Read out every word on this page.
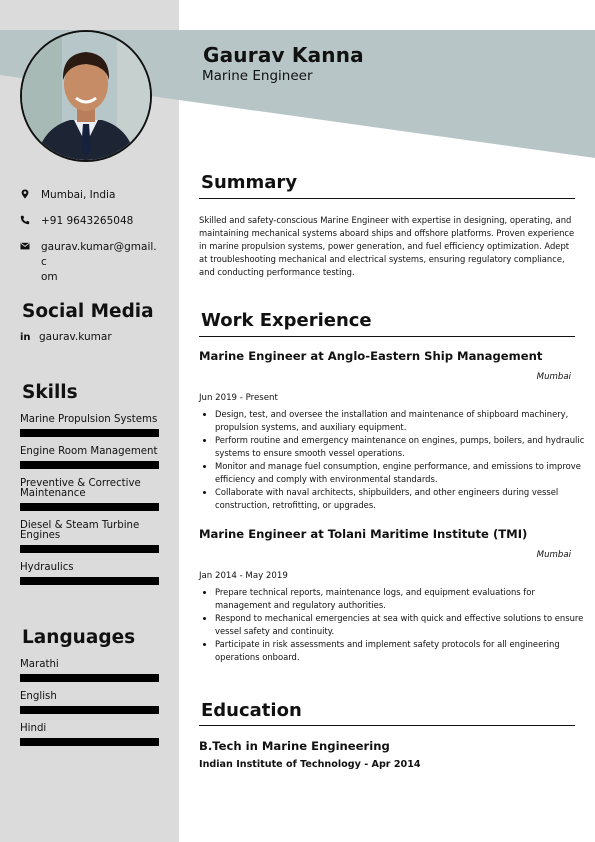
Gaurav Kanna
Marine Engineer
Mumbai, India
+91 9643265048
gaurav.kumar@gmail.c
om
Social Media
in gaurav.kumar
Skills
Marine Propulsion Systems
Engine Room Management
Preventive & Corrective
Maintenance
Diesel & Steam Turbine
Engines
Hydraulics
Languages
Marathi
English
Hindi
Summary
Skilled and safety-conscious Marine Engineer with expertise in designing, operating, and maintaining mechanical systems aboard ships and offshore platforms. Proven experience in marine propulsion systems, power generation, and fuel efficiency optimization. Adept at troubleshooting mechanical and electrical systems, ensuring regulatory compliance, and conducting performance testing.
Work Experience
Marine Engineer at Anglo-Eastern Ship Management
Mumbai
Jun 2019 - Present
• Design, test, and oversee the installation and maintenance of shipboard machinery, propulsion systems, and auxiliary equipment.
• Perform routine and emergency maintenance on engines, pumps, boilers, and hydraulic systems to ensure smooth vessel operations.
• Monitor and manage fuel consumption, engine performance, and emissions to improve efficiency and comply with environmental standards.
• Collaborate with naval architects, shipbuilders, and other engineers during vessel construction, retrofitting, or upgrades.
Marine Engineer at Tolani Maritime Institute (TMI)
Mumbai
Jan 2014 - May 2019
• Prepare technical reports, maintenance logs, and equipment evaluations for management and regulatory authorities.
• Respond to mechanical emergencies at sea with quick and effective solutions to ensure vessel safety and continuity.
• Participate in risk assessments and implement safety protocols for all engineering operations onboard.
Education
B.Tech in Marine Engineering
Indian Institute of Technology - Apr 2014
